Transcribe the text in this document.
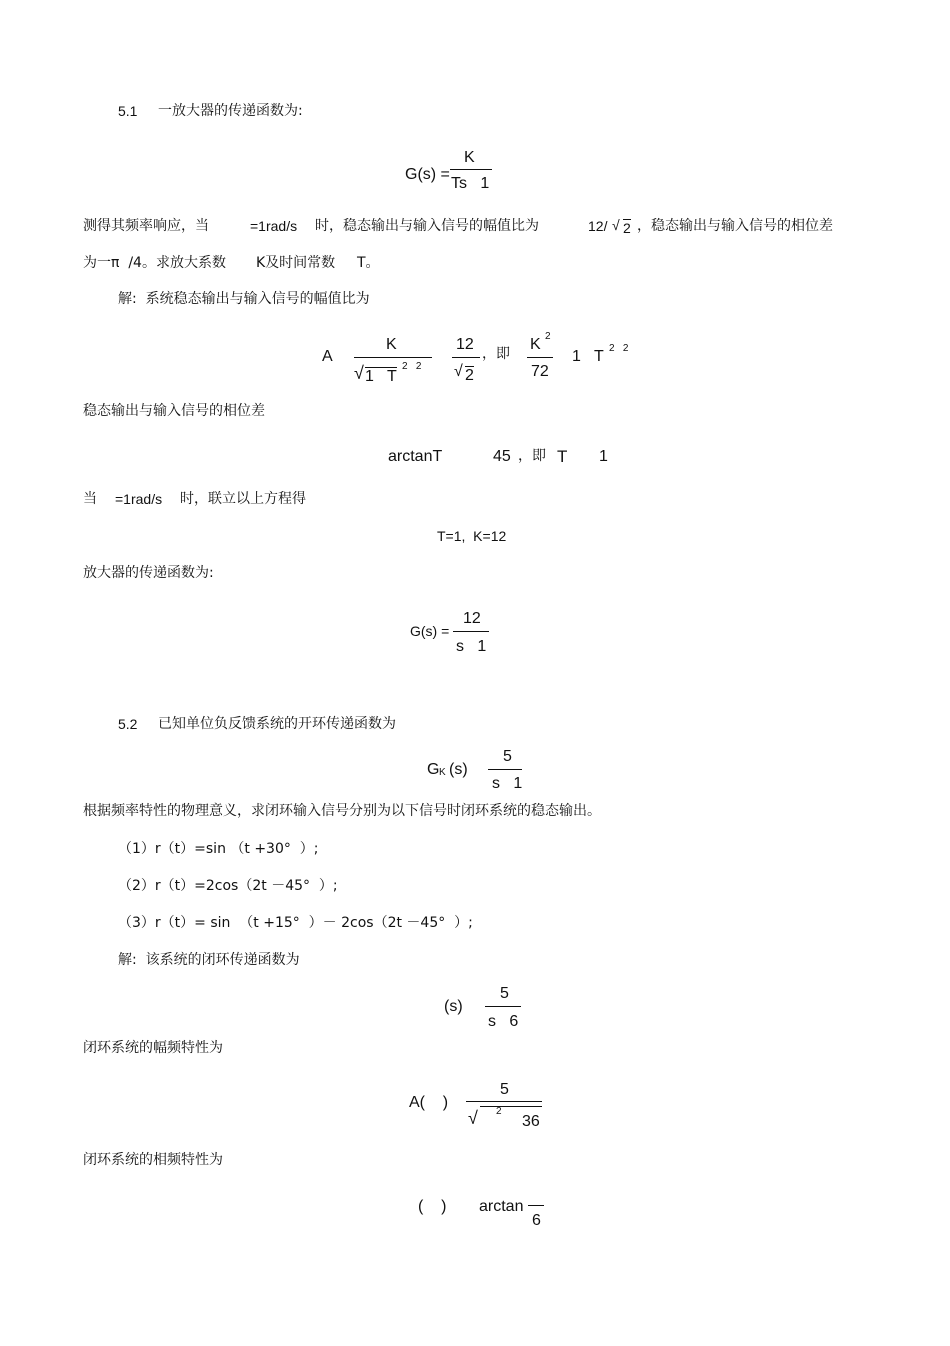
5.1 一放大器的传递函数为:
G(s) =
K
Ts   1
测得其频率响应，当	=1rad/s 时，稳态输出与输入信号的幅值比为	12/ √ 2 ，稳态输出与输入信号的相位差
为一π  /4。求放大系数 K及时间常数 T。
解:  系统稳态输出与输入信号的幅值比为
A
K
√ 1   T
2   2
12
√ 2
，即
K 2
72
1   T 2   2
稳态输出与输入信号的相位差
arctanT	45 ，即 T 1
当 =1rad/s 时，联立以上方程得
T=1,  K=12
放大器的传递函数为:
G(s) =
12
s   1
5.2 已知单位负反馈系统的开环传递函数为
G K (s)
5
s   1
根据频率特性的物理意义，求闭环输入信号分别为以下信号时闭环系统的稳态输出。
（1）r（t）=sin （t +30°  ）;
（2）r（t）=2cos（2t －45°  ）;
（3）r（t）= sin  （t +15°  ）－ 2cos（2t －45°  ）;
解:  该系统的闭环传递函数为
(s)
5
s   6
闭环系统的幅频特性为
A(    )
5
√ 2
36
闭环系统的相频特性为
(    ) arctan
6
